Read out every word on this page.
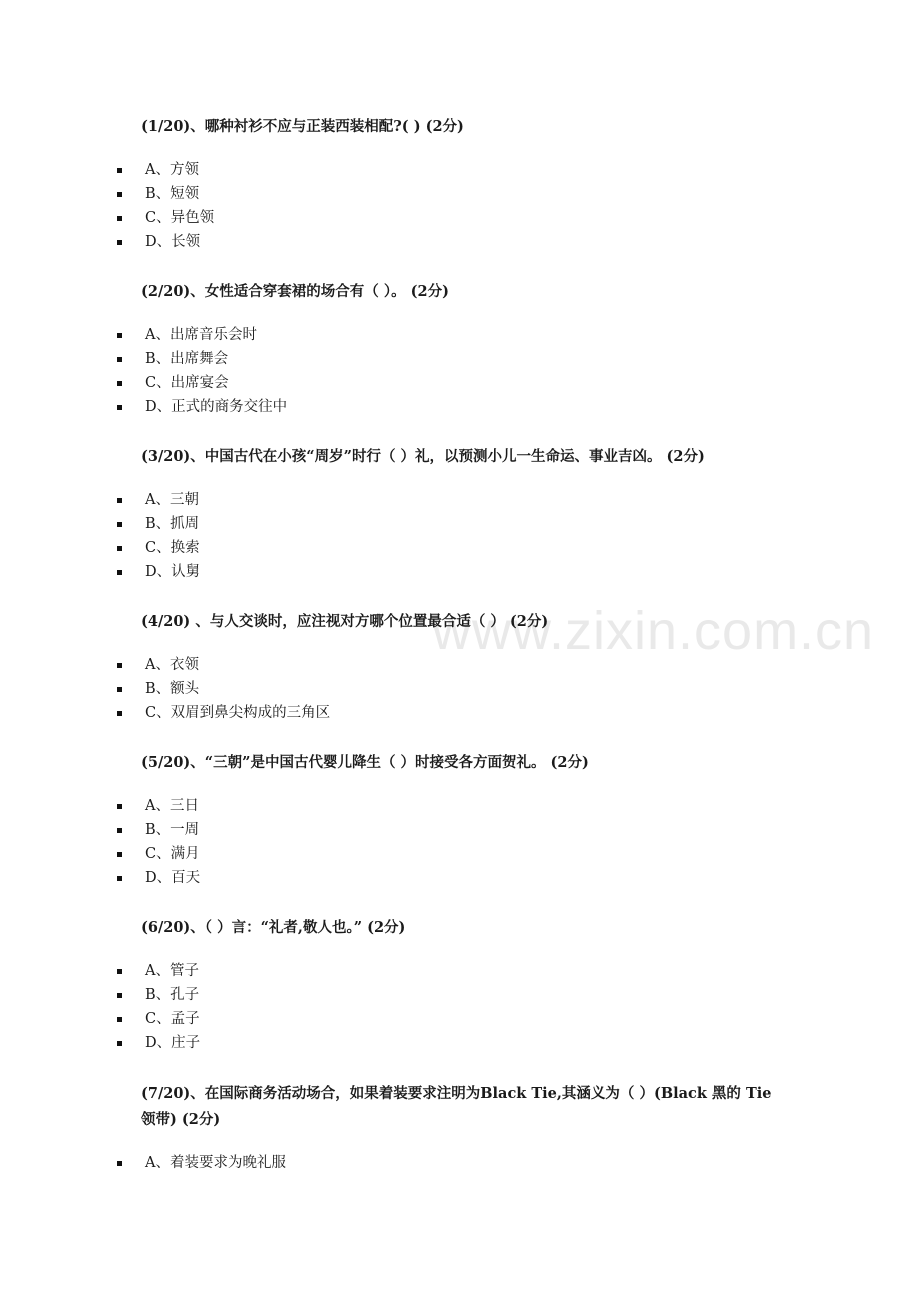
www.zixin.com.cn
(1/20)、哪种衬衫不应与正装西装相配?( ) (2分)
A、方领
B、短领
C、异色领
D、长领
(2/20)、女性适合穿套裙的场合有（ ）。 (2分)
A、出席音乐会时
B、出席舞会
C、出席宴会
D、正式的商务交往中
(3/20)、中国古代在小孩“周岁”时行（ ）礼，以预测小儿一生命运、事业吉凶。 (2分)
A、三朝
B、抓周
C、换索
D、认舅
(4/20) 、与人交谈时，应注视对方哪个位置最合适（ ） (2分)
A、衣领
B、额头
C、双眉到鼻尖构成的三角区
(5/20)、“三朝”是中国古代婴儿降生（ ）时接受各方面贺礼。 (2分)
A、三日
B、一周
C、满月
D、百天
(6/20)、（ ）言：“礼者,敬人也。” (2分)
A、管子
B、孔子
C、孟子
D、庄子
(7/20)、在国际商务活动场合，如果着装要求注明为Black Tie,其涵义为（ ）(Black 黑的 Tie 领带) (2分)
A、着装要求为晚礼服
